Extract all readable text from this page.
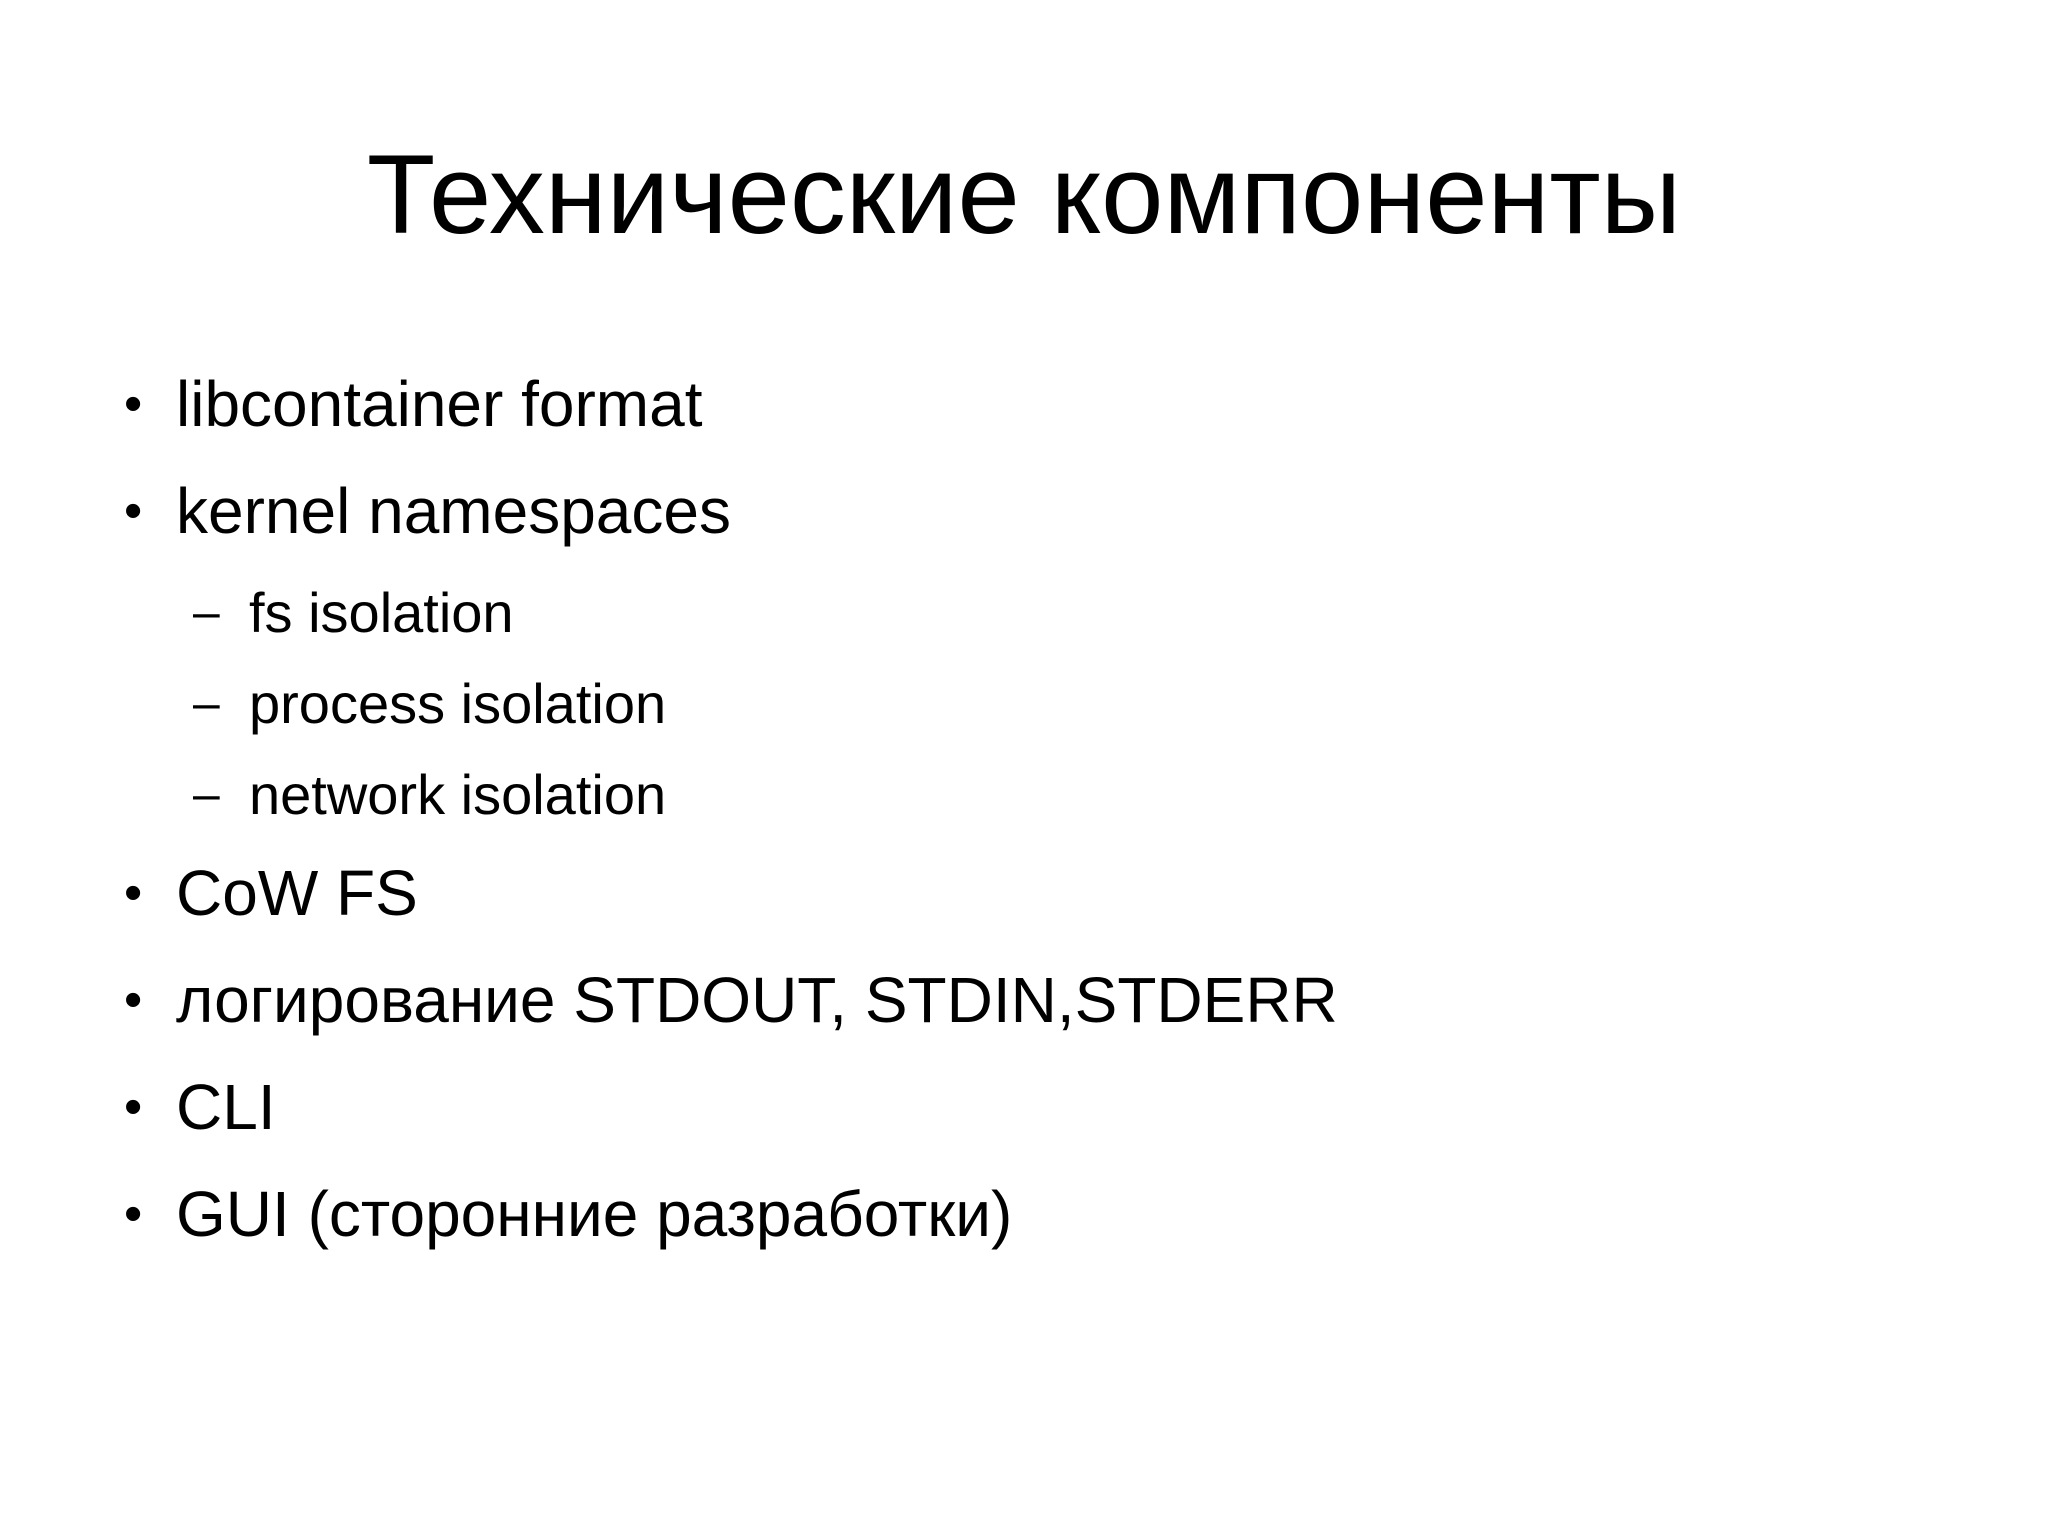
Технические компоненты
• libcontainer format
• kernel namespaces
– fs isolation
– process isolation
– network isolation
• CoW FS
• логирование STDOUT, STDIN,STDERR
• CLI
• GUI (сторонние разработки)
